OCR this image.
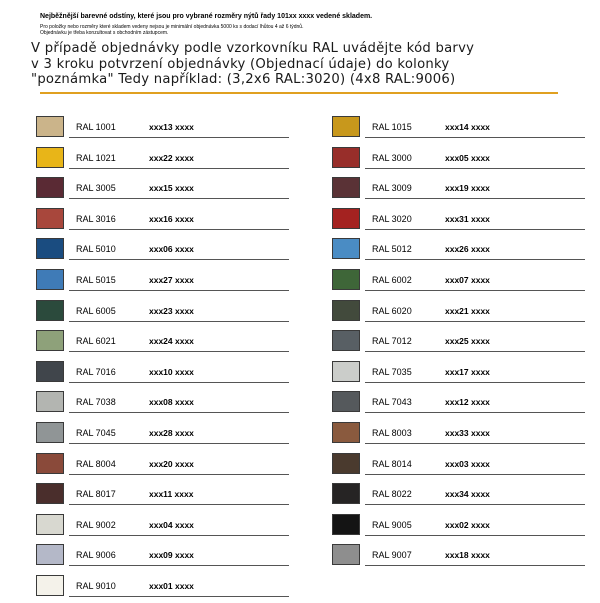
Nejběžnější barevné odstíny, které jsou pro vybrané rozměry nýtů řady 101xx xxxx vedené skladem.
Pro položky nebo rozměry které skladem vedeny nejsou je minimální objednávka 5000 ks s dodací lhůtou 4 až 6 týdnů.
Objednávku je třeba konzultovat s obchodním zástupcem.
V případě objednávky podle vzorkovníku RAL uvádějte kód barvy
v 3 kroku potvrzení objednávky (Objednací údaje) do kolonky
"poznámka" Tedy například: (3,2x6 RAL:3020) (4x8 RAL:9006)
RAL 1001	xxx13 xxxx
RAL 1021	xxx22 xxxx
RAL 3005	xxx15 xxxx
RAL 3016	xxx16 xxxx
RAL 5010	xxx06 xxxx
RAL 5015	xxx27 xxxx
RAL 6005	xxx23 xxxx
RAL 6021	xxx24 xxxx
RAL 7016	xxx10 xxxx
RAL 7038	xxx08 xxxx
RAL 7045	xxx28 xxxx
RAL 8004	xxx20 xxxx
RAL 8017	xxx11 xxxx
RAL 9002	xxx04 xxxx
RAL 9006	xxx09 xxxx
RAL 9010	xxx01 xxxx
RAL 1015	xxx14 xxxx
RAL 3000	xxx05 xxxx
RAL 3009	xxx19 xxxx
RAL 3020	xxx31 xxxx
RAL 5012	xxx26 xxxx
RAL 6002	xxx07 xxxx
RAL 6020	xxx21 xxxx
RAL 7012	xxx25 xxxx
RAL 7035	xxx17 xxxx
RAL 7043	xxx12 xxxx
RAL 8003	xxx33 xxxx
RAL 8014	xxx03 xxxx
RAL 8022	xxx34 xxxx
RAL 9005	xxx02 xxxx
RAL 9007	xxx18 xxxx
